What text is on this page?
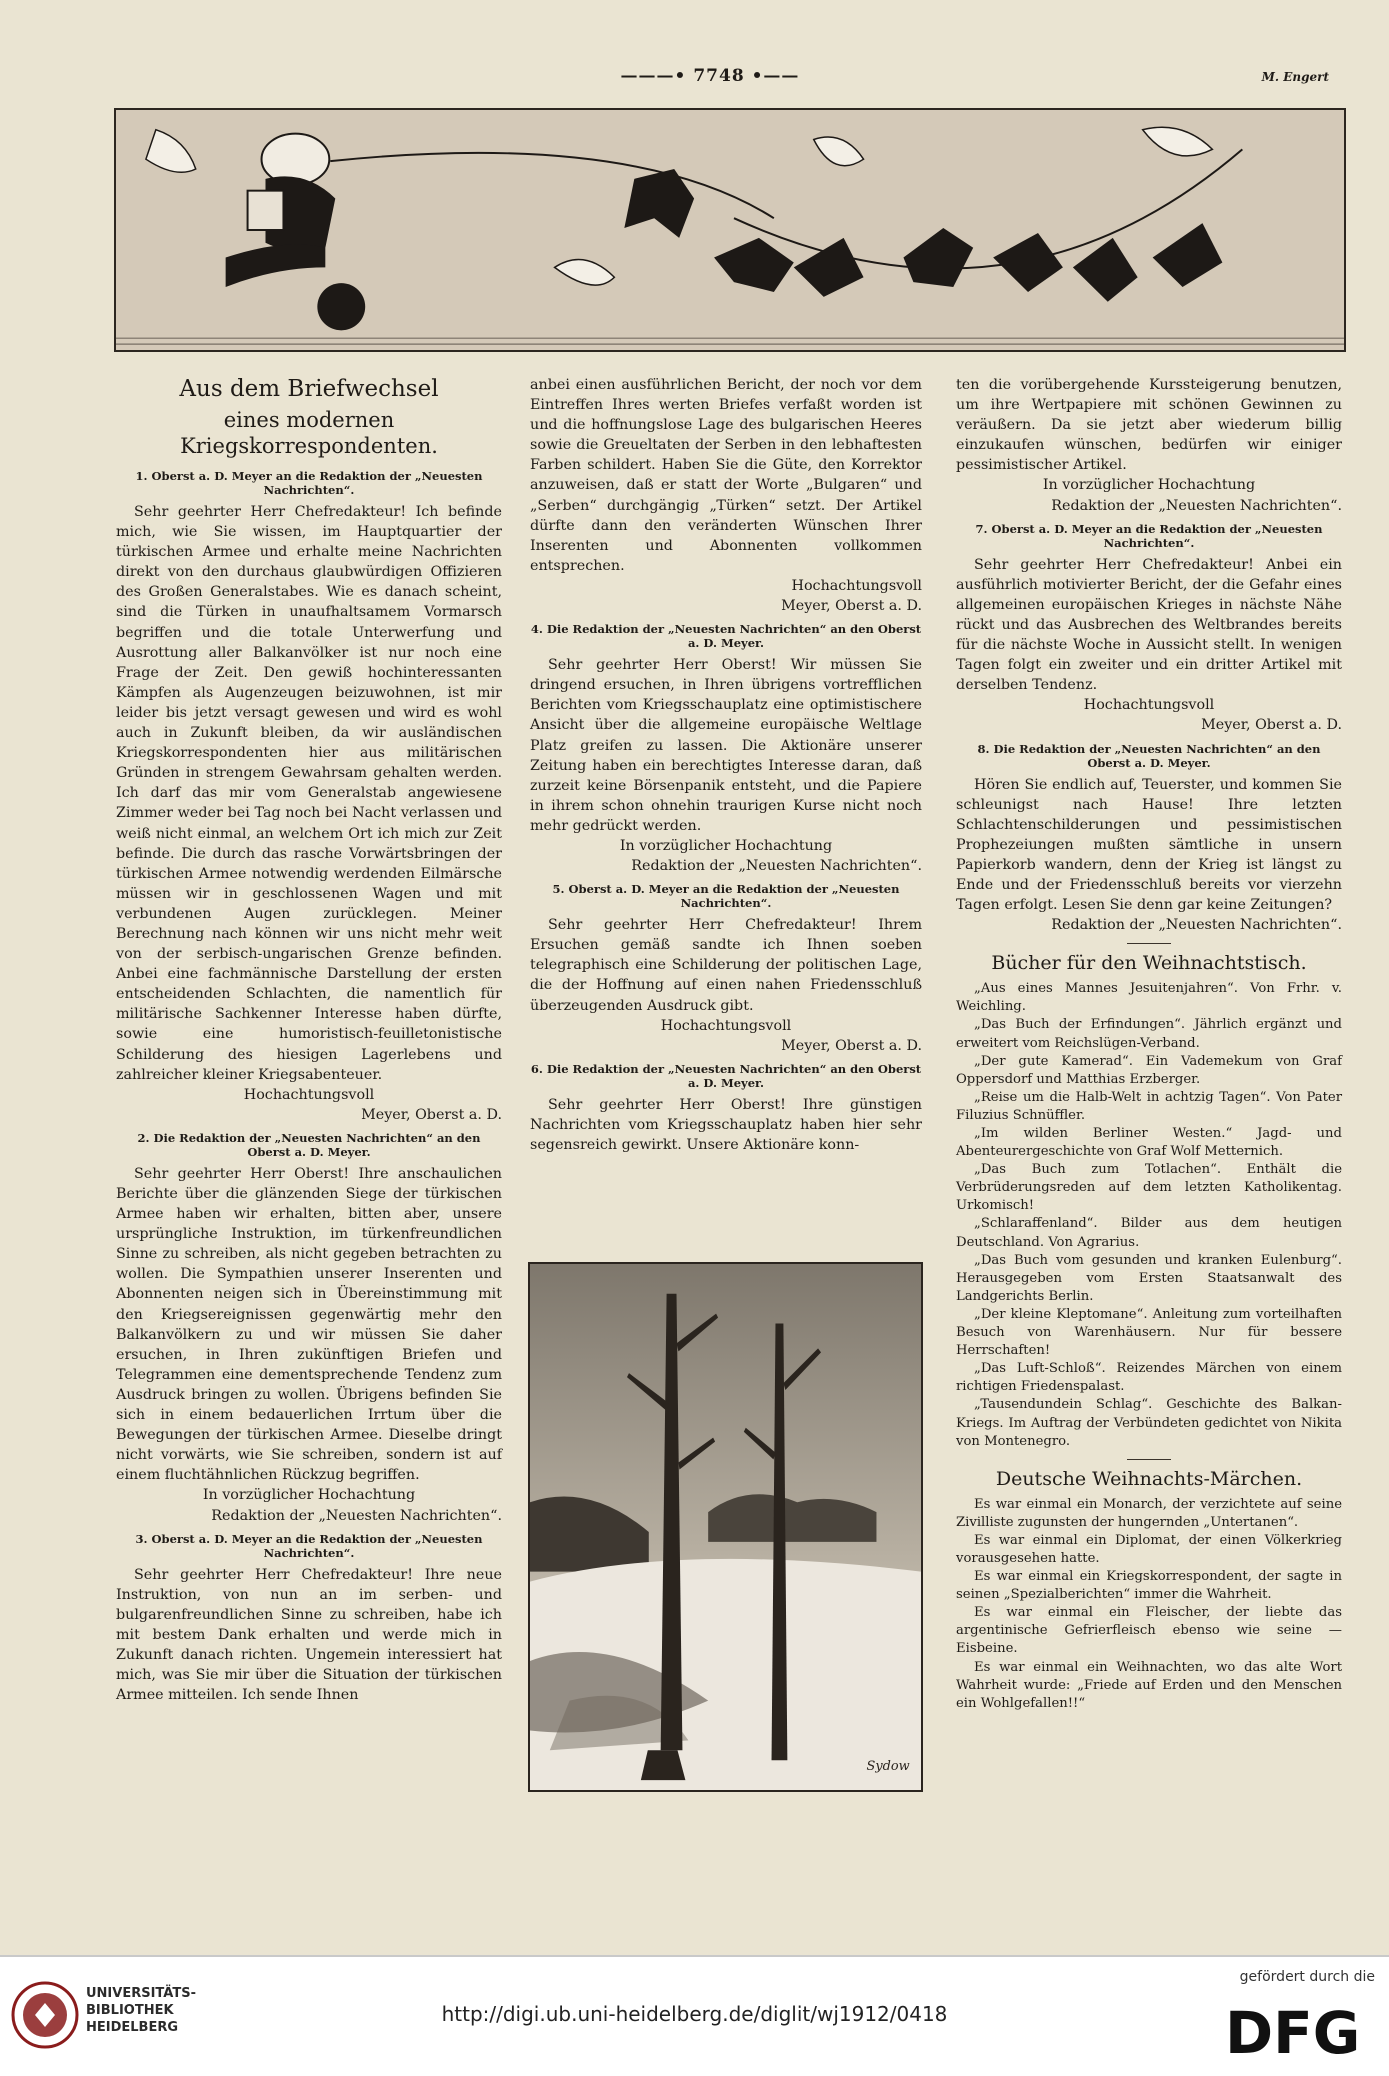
———• 7748 •——	M. Engert
Aus dem Briefwechsel
eines modernen Kriegskorrespondenten.
1. Oberst a. D. Meyer an die Redaktion der „Neuesten Nachrichten“.
Sehr geehrter Herr Chefredakteur! Ich befinde mich, wie Sie wissen, im Hauptquartier der türkischen Armee und erhalte meine Nachrichten direkt von den durchaus glaubwürdigen Offizieren des Großen Generalstabes. Wie es danach scheint, sind die Türken in unaufhaltsamem Vormarsch begriffen und die totale Unterwerfung und Ausrottung aller Balkanvölker ist nur noch eine Frage der Zeit. Den gewiß hochinteressanten Kämpfen als Augenzeugen beizuwohnen, ist mir leider bis jetzt versagt gewesen und wird es wohl auch in Zukunft bleiben, da wir ausländischen Kriegskorrespondenten hier aus militärischen Gründen in strengem Gewahrsam gehalten werden. Ich darf das mir vom Generalstab angewiesene Zimmer weder bei Tag noch bei Nacht verlassen und weiß nicht einmal, an welchem Ort ich mich zur Zeit befinde. Die durch das rasche Vorwärtsbringen der türkischen Armee notwendig werdenden Eilmärsche müssen wir in geschlossenen Wagen und mit verbundenen Augen zurücklegen. Meiner Berechnung nach können wir uns nicht mehr weit von der serbisch-ungarischen Grenze befinden. Anbei eine fachmännische Darstellung der ersten entscheidenden Schlachten, die namentlich für militärische Sachkenner Interesse haben dürfte, sowie eine humoristisch-feuilletonistische Schilderung des hiesigen Lagerlebens und zahlreicher kleiner Kriegsabenteuer.
Hochachtungsvoll
Meyer, Oberst a. D.
2. Die Redaktion der „Neuesten Nachrichten“ an den Oberst a. D. Meyer.
Sehr geehrter Herr Oberst! Ihre anschaulichen Berichte über die glänzenden Siege der türkischen Armee haben wir erhalten, bitten aber, unsere ursprüngliche Instruktion, im türkenfreundlichen Sinne zu schreiben, als nicht gegeben betrachten zu wollen. Die Sympathien unserer Inserenten und Abonnenten neigen sich in Übereinstimmung mit den Kriegsereignissen gegenwärtig mehr den Balkanvölkern zu und wir müssen Sie daher ersuchen, in Ihren zukünftigen Briefen und Telegrammen eine dementsprechende Tendenz zum Ausdruck bringen zu wollen. Übrigens befinden Sie sich in einem bedauerlichen Irrtum über die Bewegungen der türkischen Armee. Dieselbe dringt nicht vorwärts, wie Sie schreiben, sondern ist auf einem fluchtähnlichen Rückzug begriffen.
In vorzüglicher Hochachtung
Redaktion der „Neuesten Nachrichten“.
3. Oberst a. D. Meyer an die Redaktion der „Neuesten Nachrichten“.
Sehr geehrter Herr Chefredakteur! Ihre neue Instruktion, von nun an im serben- und bulgarenfreundlichen Sinne zu schreiben, habe ich mit bestem Dank erhalten und werde mich in Zukunft danach richten. Ungemein interessiert hat mich, was Sie mir über die Situation der türkischen Armee mitteilen. Ich sende Ihnen
anbei einen ausführlichen Bericht, der noch vor dem Eintreffen Ihres werten Briefes verfaßt worden ist und die hoffnungslose Lage des bulgarischen Heeres sowie die Greueltaten der Serben in den lebhaftesten Farben schildert. Haben Sie die Güte, den Korrektor anzuweisen, daß er statt der Worte „Bulgaren“ und „Serben“ durchgängig „Türken“ setzt. Der Artikel dürfte dann den veränderten Wünschen Ihrer Inserenten und Abonnenten vollkommen entsprechen.
Hochachtungsvoll
Meyer, Oberst a. D.
4. Die Redaktion der „Neuesten Nachrichten“ an den Oberst a. D. Meyer.
Sehr geehrter Herr Oberst! Wir müssen Sie dringend ersuchen, in Ihren übrigens vortrefflichen Berichten vom Kriegsschauplatz eine optimistischere Ansicht über die allgemeine europäische Weltlage Platz greifen zu lassen. Die Aktionäre unserer Zeitung haben ein berechtigtes Interesse daran, daß zurzeit keine Börsenpanik entsteht, und die Papiere in ihrem schon ohnehin traurigen Kurse nicht noch mehr gedrückt werden.
In vorzüglicher Hochachtung
Redaktion der „Neuesten Nachrichten“.
5. Oberst a. D. Meyer an die Redaktion der „Neuesten Nachrichten“.
Sehr geehrter Herr Chefredakteur! Ihrem Ersuchen gemäß sandte ich Ihnen soeben telegraphisch eine Schilderung der politischen Lage, die der Hoffnung auf einen nahen Friedensschluß überzeugenden Ausdruck gibt.
Hochachtungsvoll
Meyer, Oberst a. D.
6. Die Redaktion der „Neuesten Nachrichten“ an den Oberst a. D. Meyer.
Sehr geehrter Herr Oberst! Ihre günstigen Nachrichten vom Kriegsschauplatz haben hier sehr segensreich gewirkt. Unsere Aktionäre konn-
Sydow
ten die vorübergehende Kurssteigerung benutzen, um ihre Wertpapiere mit schönen Gewinnen zu veräußern. Da sie jetzt aber wiederum billig einzukaufen wünschen, bedürfen wir einiger pessimistischer Artikel.
In vorzüglicher Hochachtung
Redaktion der „Neuesten Nachrichten“.
7. Oberst a. D. Meyer an die Redaktion der „Neuesten Nachrichten“.
Sehr geehrter Herr Chefredakteur! Anbei ein ausführlich motivierter Bericht, der die Gefahr eines allgemeinen europäischen Krieges in nächste Nähe rückt und das Ausbrechen des Weltbrandes bereits für die nächste Woche in Aussicht stellt. In wenigen Tagen folgt ein zweiter und ein dritter Artikel mit derselben Tendenz.
Hochachtungsvoll
Meyer, Oberst a. D.
8. Die Redaktion der „Neuesten Nachrichten“ an den Oberst a. D. Meyer.
Hören Sie endlich auf, Teuerster, und kommen Sie schleunigst nach Hause! Ihre letzten Schlachtenschilderungen und pessimistischen Prophezeiungen mußten sämtliche in unsern Papierkorb wandern, denn der Krieg ist längst zu Ende und der Friedensschluß bereits vor vierzehn Tagen erfolgt. Lesen Sie denn gar keine Zeitungen?
Redaktion der „Neuesten Nachrichten“.
Bücher für den Weihnachtstisch.
„Aus eines Mannes Jesuitenjahren“. Von Frhr. v. Weichling.
„Das Buch der Erfindungen“. Jährlich ergänzt und erweitert vom Reichslügen-Verband.
„Der gute Kamerad“. Ein Vademekum von Graf Oppersdorf und Matthias Erzberger.
„Reise um die Halb-Welt in achtzig Tagen“. Von Pater Filuzius Schnüffler.
„Im wilden Berliner Westen.“ Jagd- und Abenteurergeschichte von Graf Wolf Metternich.
„Das Buch zum Totlachen“. Enthält die Verbrüderungsreden auf dem letzten Katholikentag. Urkomisch!
„Schlaraffenland“. Bilder aus dem heutigen Deutschland. Von Agrarius.
„Das Buch vom gesunden und kranken Eulenburg“. Herausgegeben vom Ersten Staatsanwalt des Landgerichts Berlin.
„Der kleine Kleptomane“. Anleitung zum vorteilhaften Besuch von Warenhäusern. Nur für bessere Herrschaften!
„Das Luft-Schloß“. Reizendes Märchen von einem richtigen Friedenspalast.
„Tausendundein Schlag“. Geschichte des Balkan-Kriegs. Im Auftrag der Verbündeten gedichtet von Nikita von Montenegro.
Deutsche Weihnachts-Märchen.
Es war einmal ein Monarch, der verzichtete auf seine Zivilliste zugunsten der hungernden „Untertanen“.
Es war einmal ein Diplomat, der einen Völkerkrieg vorausgesehen hatte.
Es war einmal ein Kriegskorrespondent, der sagte in seinen „Spezialberichten“ immer die Wahrheit.
Es war einmal ein Fleischer, der liebte das argentinische Gefrierfleisch ebenso wie seine — Eisbeine.
Es war einmal ein Weihnachten, wo das alte Wort Wahrheit wurde: „Friede auf Erden und den Menschen ein Wohlgefallen!!“
UNIVERSITÄTS-
BIBLIOTHEK
HEIDELBERG
http://digi.ub.uni-heidelberg.de/diglit/wj1912/0418
gefördert durch die
DFG
